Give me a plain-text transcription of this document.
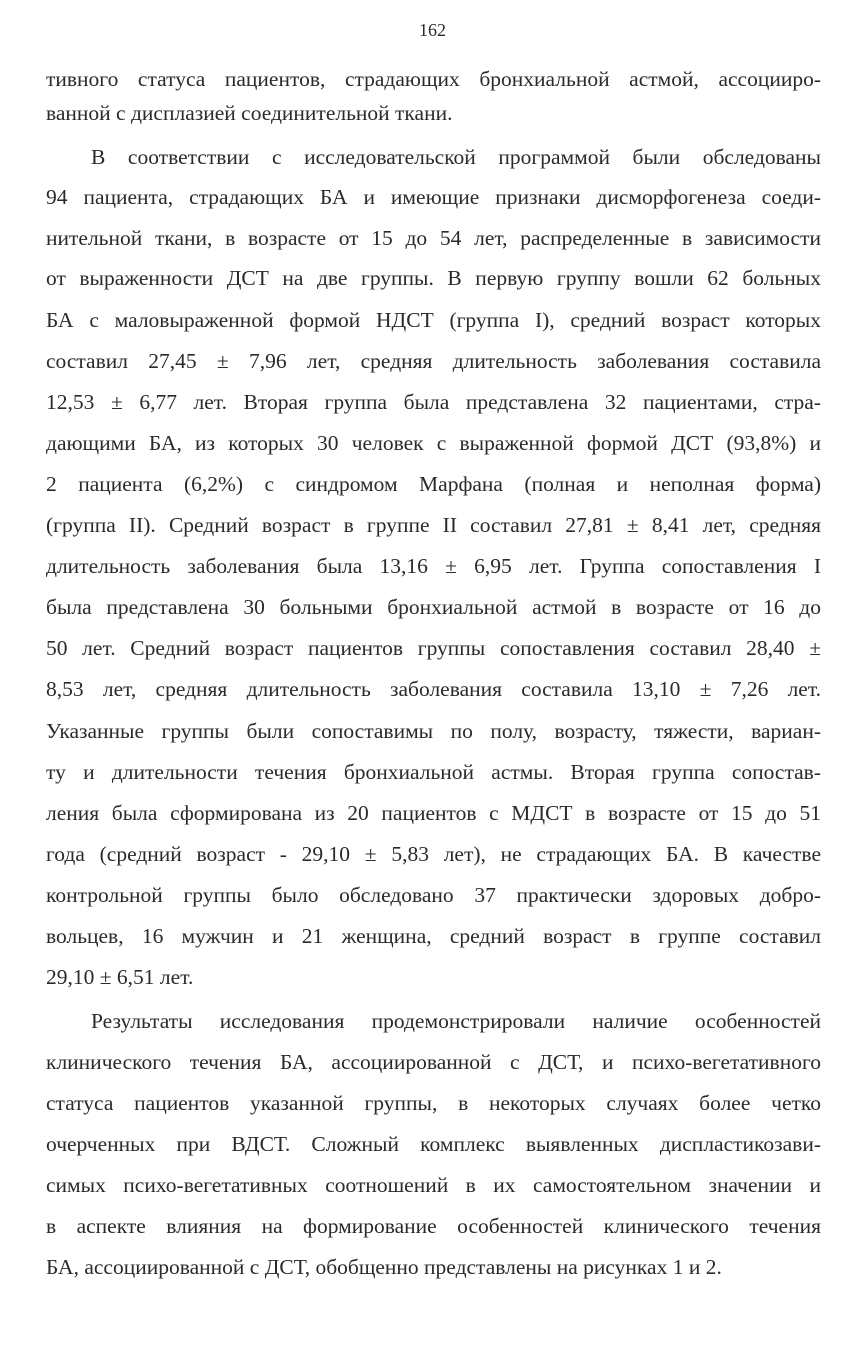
162
тивного статуса пациентов, страдающих бронхиальной астмой, ассоцииро-
ванной с дисплазией соединительной ткани.
В соответствии с исследовательской программой были обследованы
94 пациента, страдающих БА и имеющие признаки дисморфогенеза соеди-
нительной ткани, в возрасте от 15 до 54 лет, распределенные в зависимости
от выраженности ДСТ на две группы. В первую группу вошли 62 больных
БА с маловыраженной формой НДСТ (группа I), средний возраст которых
составил 27,45 ± 7,96 лет, средняя длительность заболевания составила
12,53 ± 6,77 лет. Вторая группа была представлена 32 пациентами, стра-
дающими БА, из которых 30 человек с выраженной формой ДСТ (93,8%) и
2 пациента (6,2%) с синдромом Марфана (полная и неполная форма)
(группа II). Средний возраст в группе II составил 27,81 ± 8,41 лет, средняя
длительность заболевания была 13,16 ± 6,95 лет. Группа сопоставления I
была представлена 30 больными бронхиальной астмой в возрасте от 16 до
50 лет. Средний возраст пациентов группы сопоставления составил 28,40 ±
8,53 лет, средняя длительность заболевания составила 13,10 ± 7,26 лет.
Указанные группы были сопоставимы по полу, возрасту, тяжести, вариан-
ту и длительности течения бронхиальной астмы. Вторая группа сопостав-
ления была сформирована из 20 пациентов с МДСТ в возрасте от 15 до 51
года (средний возраст - 29,10 ± 5,83 лет), не страдающих БА. В качестве
контрольной группы было обследовано 37 практически здоровых добро-
вольцев, 16 мужчин и 21 женщина, средний возраст в группе составил
29,10 ± 6,51 лет.
Результаты исследования продемонстрировали наличие особенностей
клинического течения БА, ассоциированной с ДСТ, и психо-вегетативного
статуса пациентов указанной группы, в некоторых случаях более четко
очерченных при ВДСТ. Сложный комплекс выявленных диспластикозави-
симых психо-вегетативных соотношений в их самостоятельном значении и
в аспекте влияния на формирование особенностей клинического течения
БА, ассоциированной с ДСТ, обобщенно представлены на рисунках 1 и 2.
